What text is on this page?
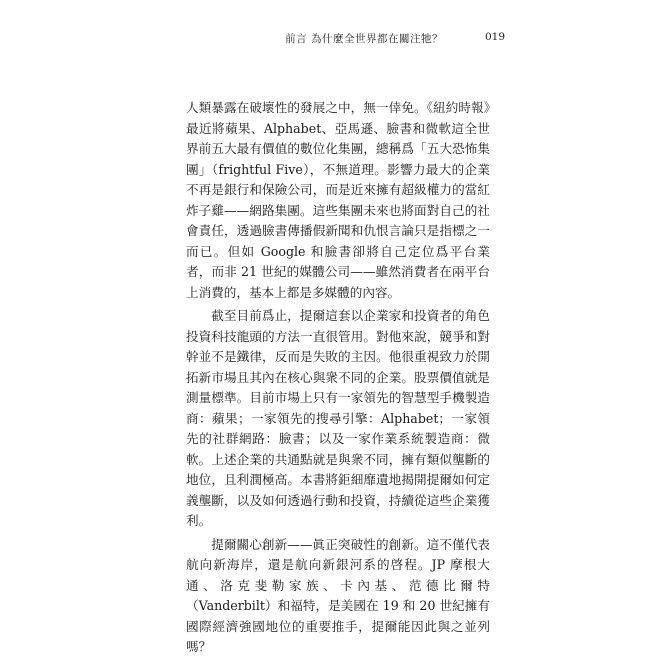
前言 為什麼全世界都在關注牠？	019

人類暴露在破壞性的發展之中，無一倖免。《紐約時報》最近將蘋果、Alphabet、亞馬遜、臉書和微軟這全世界前五大最有價值的數位化集團，總稱爲「五大恐怖集團」（frightful Five），不無道理。影響力最大的企業不再是銀行和保險公司，而是近來擁有超級權力的當紅炸子雞——網路集團。這些集團未來也將面對自己的社會責任，透過臉書傳播假新聞和仇恨言論只是指標之一而已。但如 Google 和臉書卻將自己定位爲平台業者，而非 21 世紀的媒體公司——雖然消費者在兩平台上消費的，基本上都是多媒體的內容。

截至目前爲止，提爾這套以企業家和投資者的角色投資科技龍頭的方法一直很管用。對他來說，競爭和對幹並不是鐵律，反而是失敗的主因。他很重視致力於開拓新市場且其內在核心與衆不同的企業。股票價值就是測量標準。目前市場上只有一家領先的智慧型手機製造商：蘋果；一家領先的搜尋引擎：Alphabet；一家領先的社群網路：臉書；以及一家作業系統製造商：微軟。上述企業的共通點就是與衆不同，擁有類似壟斷的地位，且利潤極高。本書將鉅細靡遺地揭開提爾如何定義壟斷，以及如何透過行動和投資，持續從這些企業獲利。

提爾關心創新——眞正突破性的創新。這不僅代表航向新海岸，還是航向新銀河系的啓程。JP 摩根大通、洛克斐勒家族、卡內基、范德比爾特（Vanderbilt）和福特，是美國在 19 和 20 世紀擁有國際經濟強國地位的重要推手，提爾能因此與之並列嗎？
